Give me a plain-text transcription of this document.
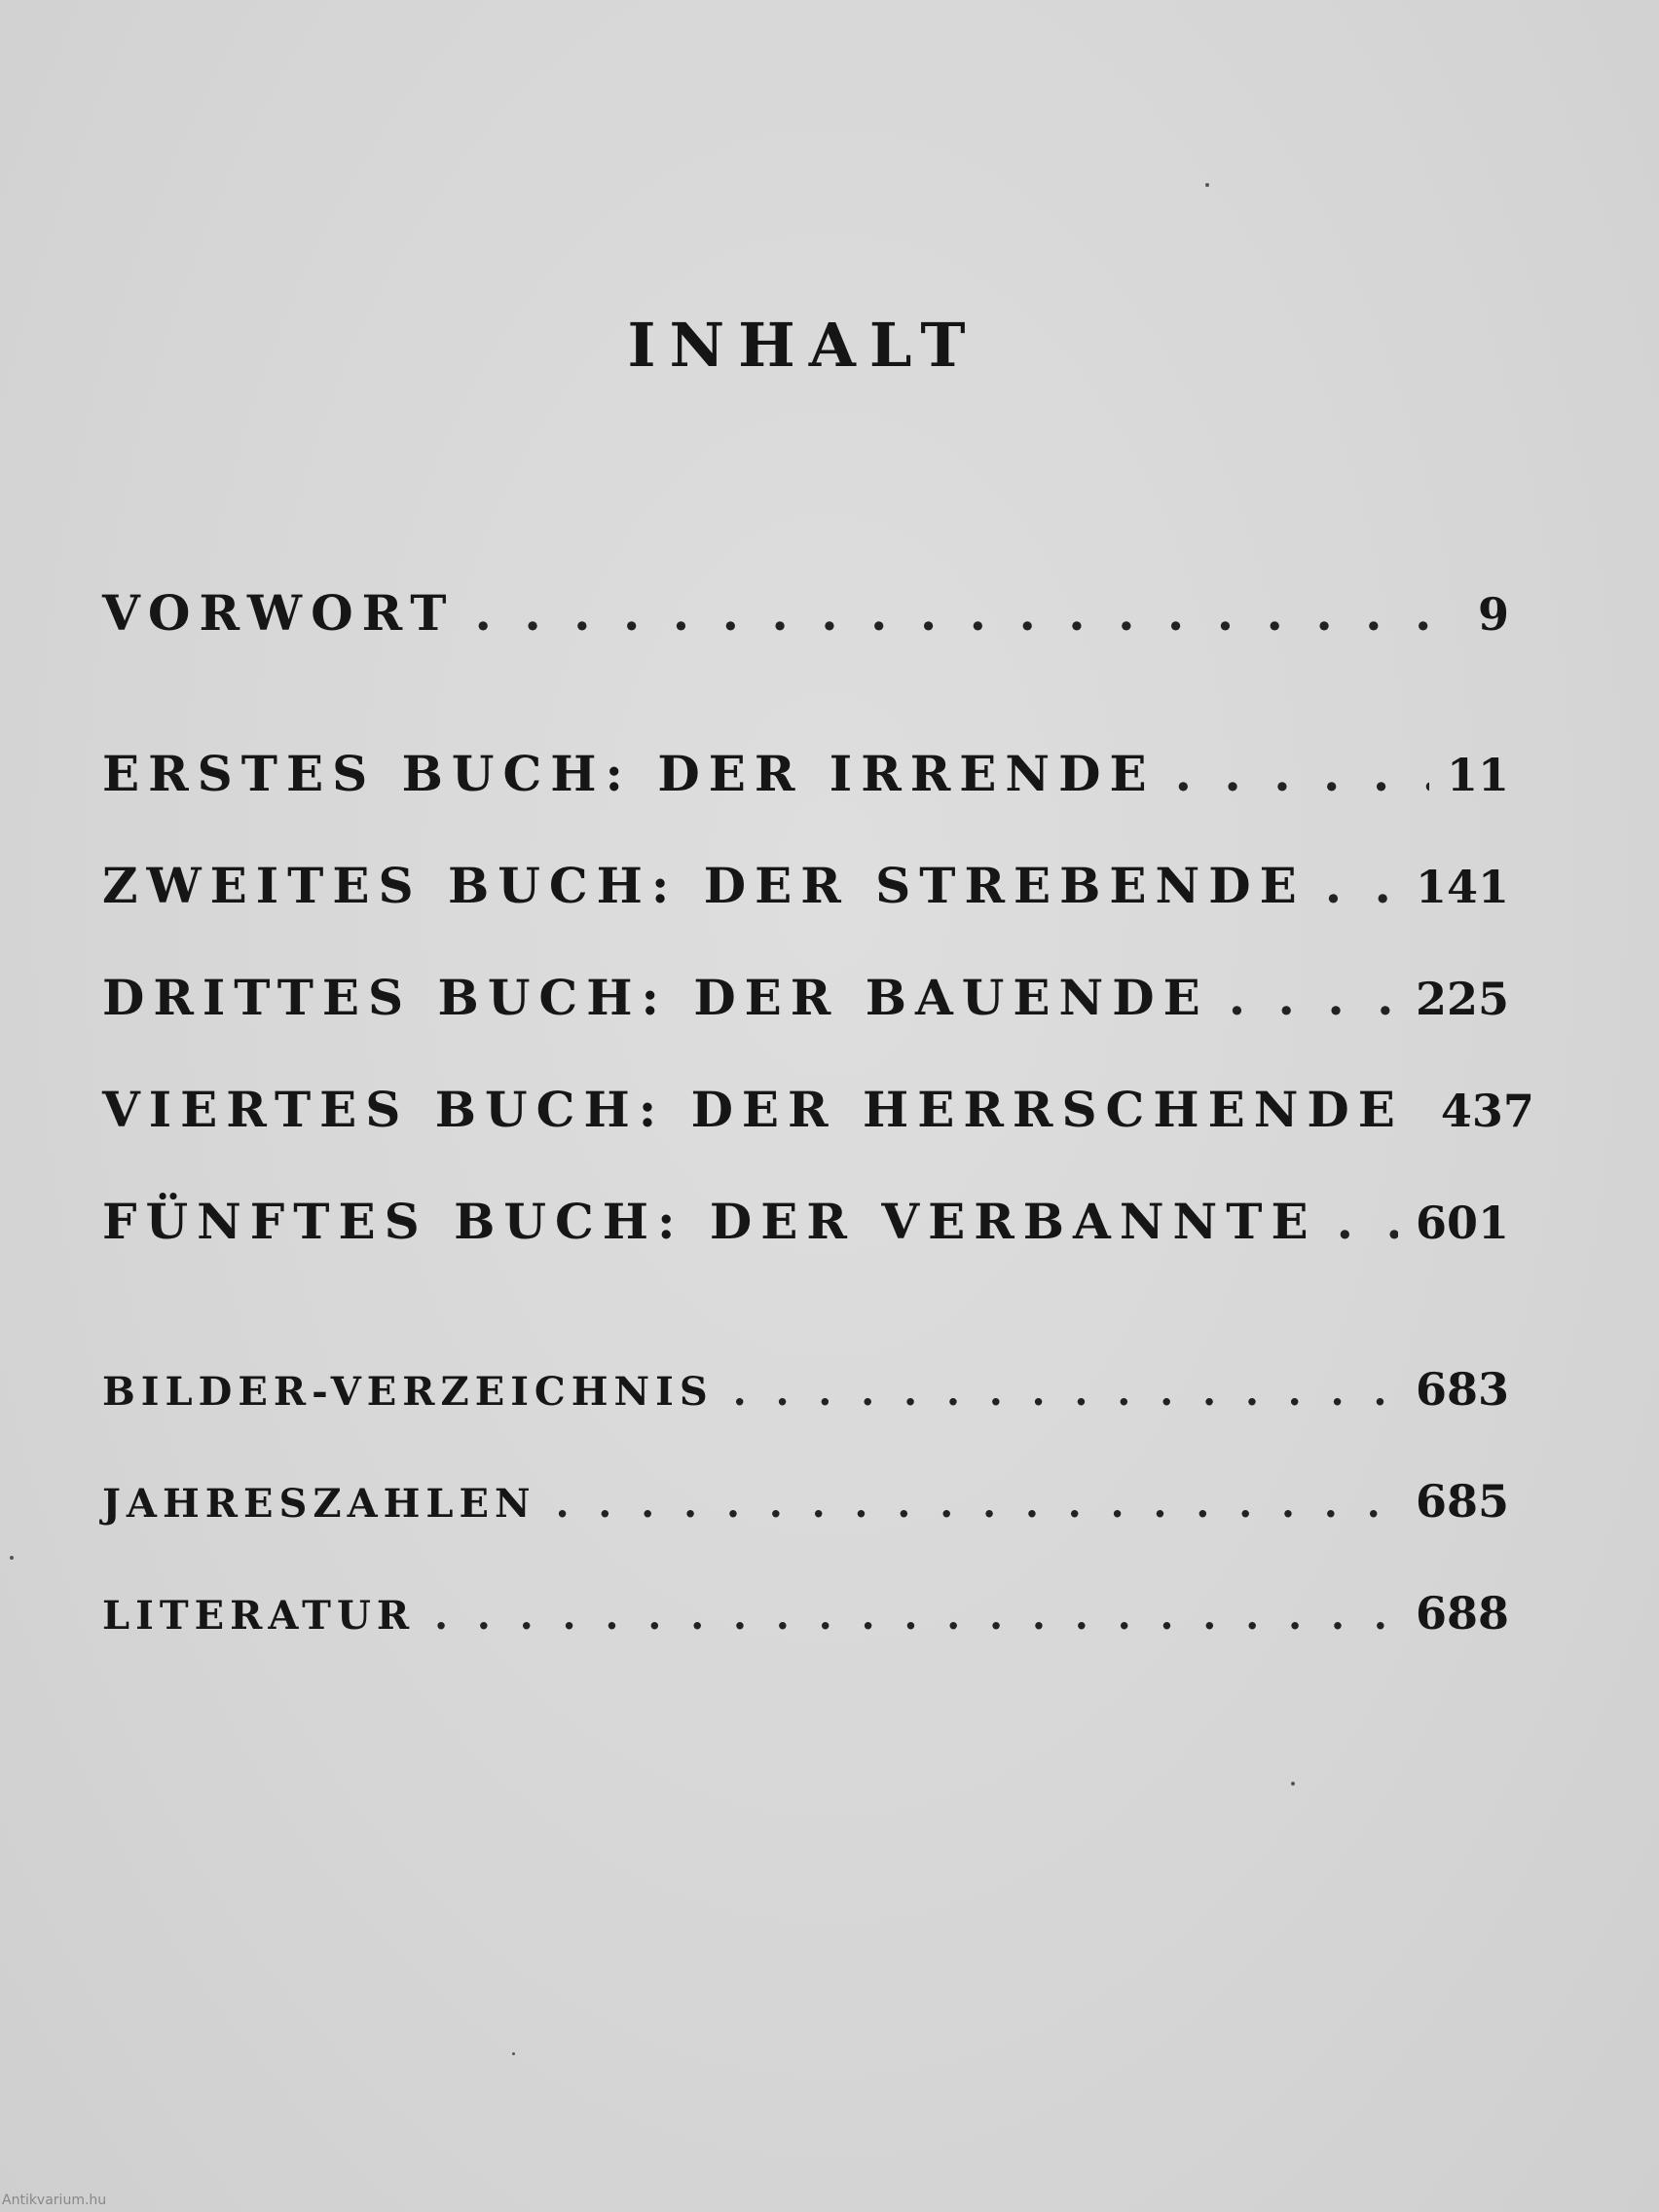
INHALT
VORWORT . . .	9
ERSTES BUCH: DER IRRENDE . . .	11
ZWEITES BUCH: DER STREBENDE . . . 141
DRITTES BUCH: DER BAUENDE . . .	225
VIERTES BUCH: DER HERRSCHENDE 437
FÜNFTES BUCH: DER VERBANNTE . . . 601
BILDER-VERZEICHNIS . . .	683
JAHRESZAHLEN . . .	685
LITERATUR . . .	688
Antikvarium.hu
